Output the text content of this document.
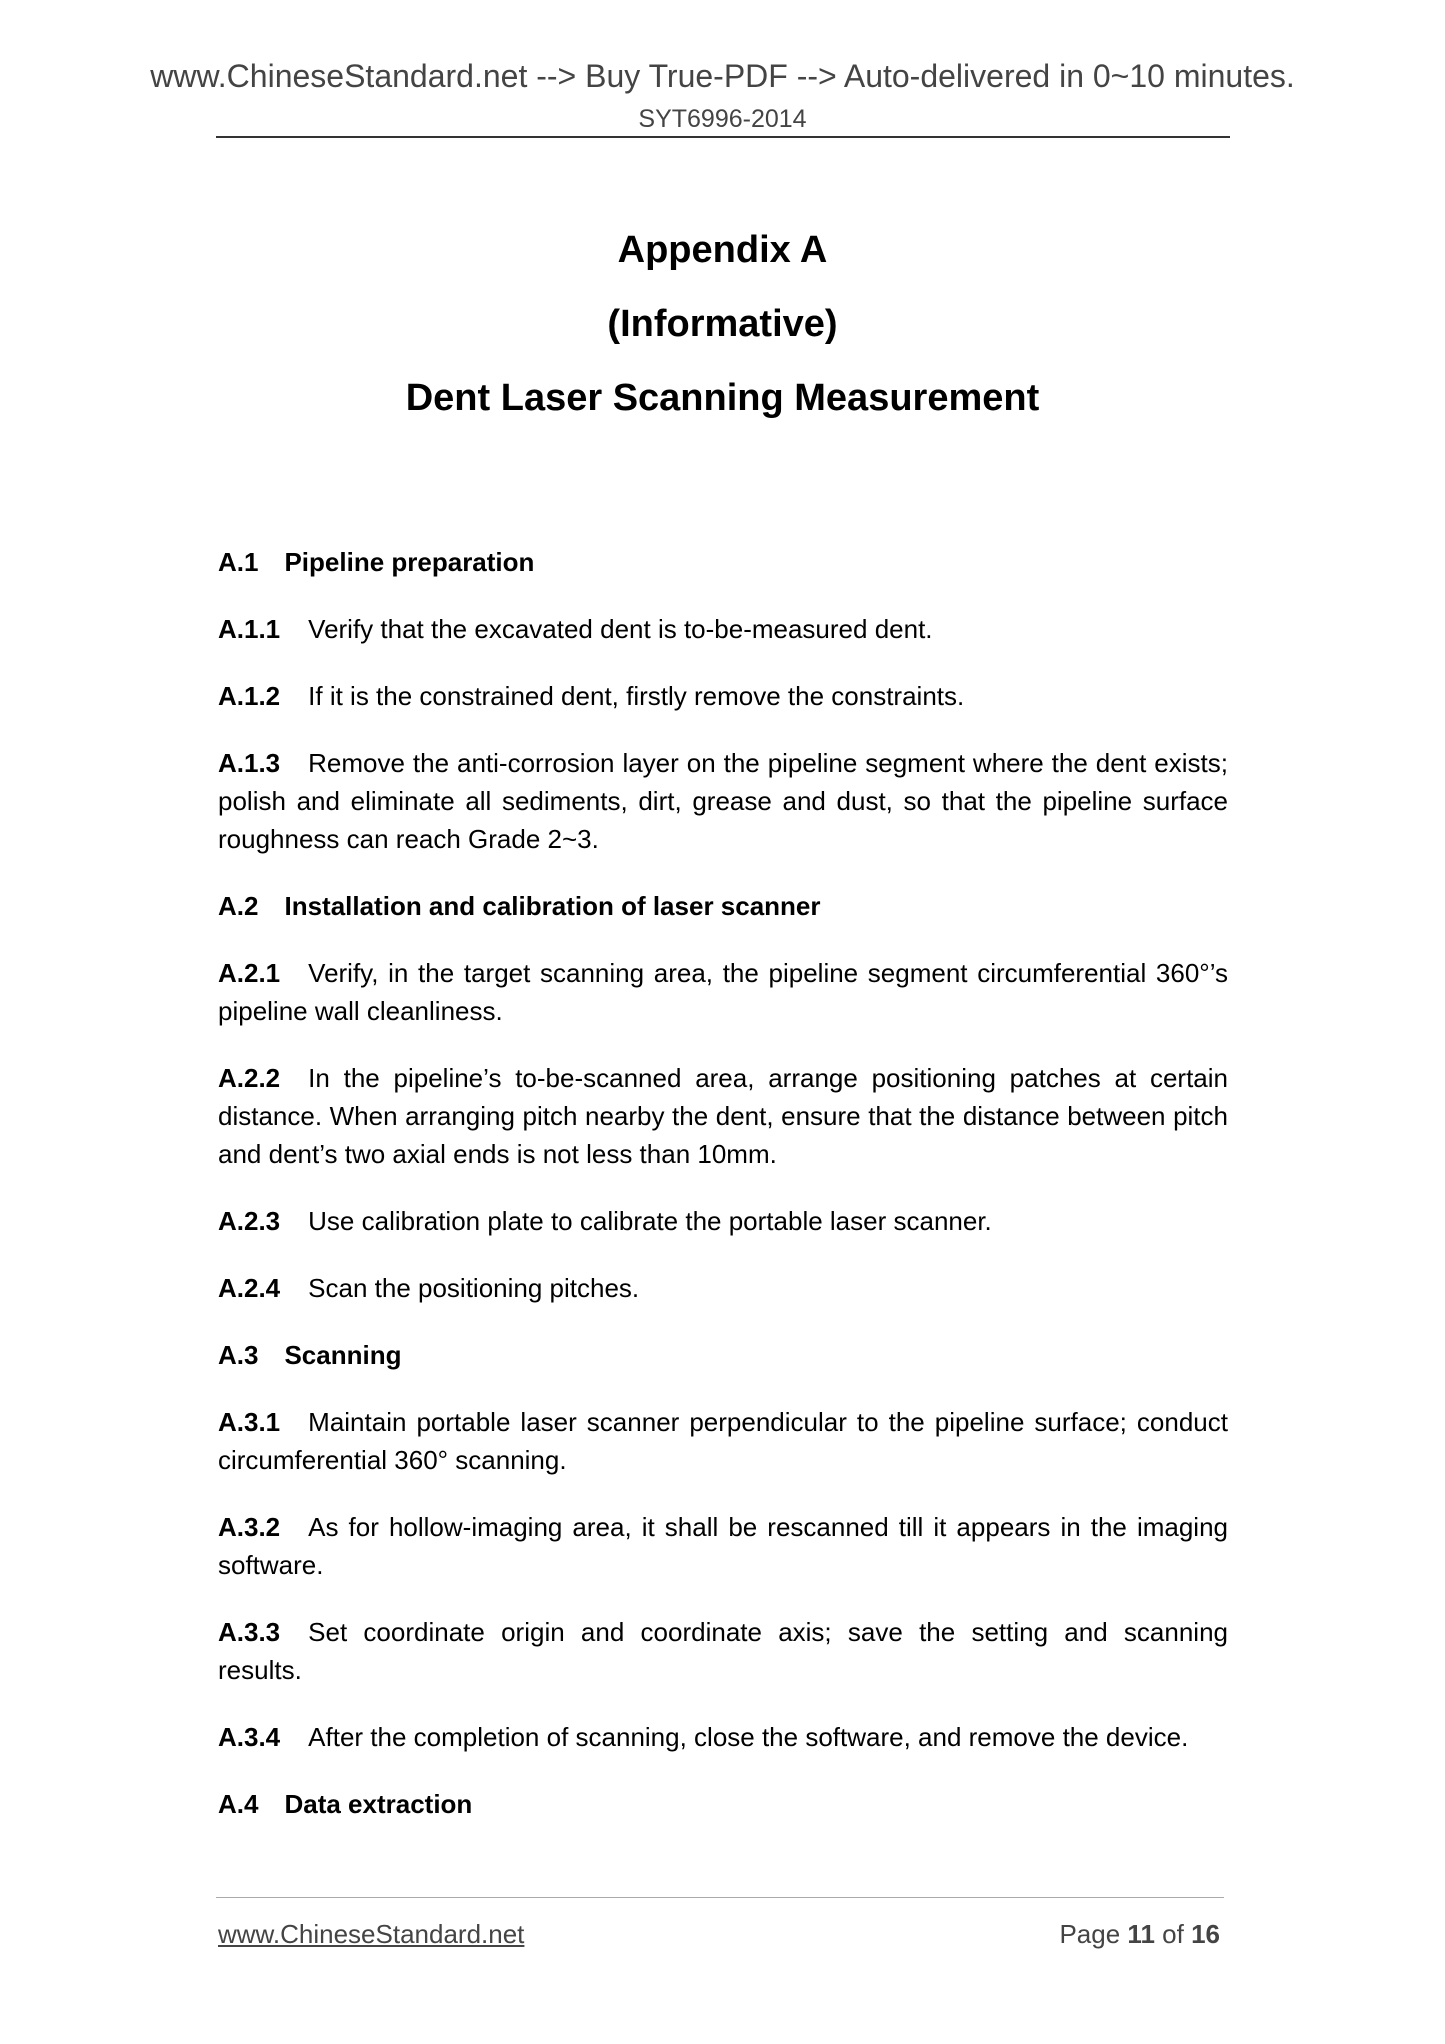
www.ChineseStandard.net --> Buy True-PDF --> Auto-delivered in 0~10 minutes.
SYT6996-2014
Appendix A
(Informative)
Dent Laser Scanning Measurement
A.1 Pipeline preparation
A.1.1 Verify that the excavated dent is to-be-measured dent.
A.1.2 If it is the constrained dent, firstly remove the constraints.
A.1.3 Remove the anti-corrosion layer on the pipeline segment where the dent exists; polish and eliminate all sediments, dirt, grease and dust, so that the pipeline surface roughness can reach Grade 2~3.
A.2 Installation and calibration of laser scanner
A.2.1 Verify, in the target scanning area, the pipeline segment circumferential 360°’s pipeline wall cleanliness.
A.2.2 In the pipeline’s to-be-scanned area, arrange positioning patches at certain distance. When arranging pitch nearby the dent, ensure that the distance between pitch and dent’s two axial ends is not less than 10mm.
A.2.3 Use calibration plate to calibrate the portable laser scanner.
A.2.4 Scan the positioning pitches.
A.3 Scanning
A.3.1 Maintain portable laser scanner perpendicular to the pipeline surface; conduct circumferential 360° scanning.
A.3.2 As for hollow-imaging area, it shall be rescanned till it appears in the imaging software.
A.3.3 Set coordinate origin and coordinate axis; save the setting and scanning results.
A.3.4 After the completion of scanning, close the software, and remove the device.
A.4 Data extraction
www.ChineseStandard.net	Page 11 of 16
